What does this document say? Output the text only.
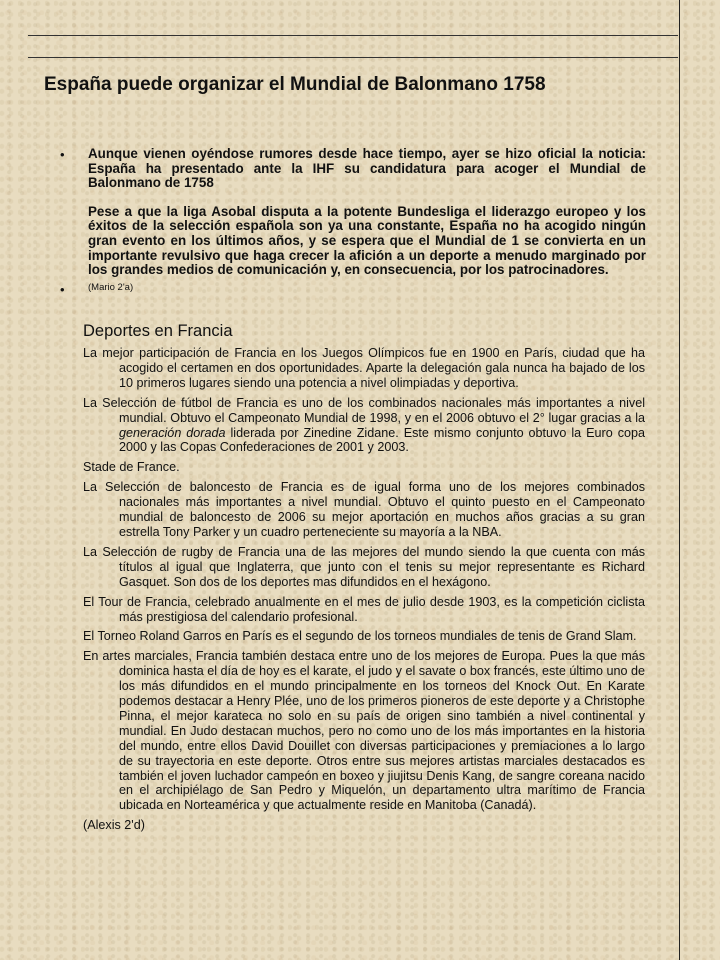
España puede organizar el Mundial de Balonmano 1758
• Aunque vienen oyéndose rumores desde hace tiempo, ayer se hizo oficial la noticia: España ha presentado ante la IHF su candidatura para acoger el Mundial de Balonmano de 1758

Pese a que la liga Asobal disputa a la potente Bundesliga el liderazgo europeo y los éxitos de la selección española son ya una constante, España no ha acogido ningún gran evento en los últimos años, y se espera que el Mundial de 1 se convierta en un importante revulsivo que haga crecer la afición a un deporte a menudo marginado por los grandes medios de comunicación y, en consecuencia, por los patrocinadores.

• (Mario 2'a)
Deportes en Francia

La mejor participación de Francia en los Juegos Olímpicos fue en 1900 en París, ciudad que ha acogido el certamen en dos oportunidades. Aparte la delegación gala nunca ha bajado de los 10 primeros lugares siendo una potencia a nivel olimpiadas y deportiva.

La Selección de fútbol de Francia es uno de los combinados nacionales más importantes a nivel mundial. Obtuvo el Campeonato Mundial de 1998, y en el 2006 obtuvo el 2° lugar gracias a la generación dorada liderada por Zinedine Zidane. Este mismo conjunto obtuvo la Euro copa 2000 y las Copas Confederaciones de 2001 y 2003.

Stade de France.

La Selección de baloncesto de Francia es de igual forma uno de los mejores combinados nacionales más importantes a nivel mundial. Obtuvo el quinto puesto en el Campeonato mundial de baloncesto de 2006 su mejor aportación en muchos años gracias a su gran estrella Tony Parker y un cuadro perteneciente su mayoría a la NBA.

La Selección de rugby de Francia una de las mejores del mundo siendo la que cuenta con más títulos al igual que Inglaterra, que junto con el tenis su mejor representante es Richard Gasquet. Son dos de los deportes mas difundidos en el hexágono.

El Tour de Francia, celebrado anualmente en el mes de julio desde 1903, es la competición ciclista más prestigiosa del calendario profesional.

El Torneo Roland Garros en París es el segundo de los torneos mundiales de tenis de Grand Slam.

En artes marciales, Francia también destaca entre uno de los mejores de Europa. Pues la que más dominica hasta el día de hoy es el karate, el judo y el savate o box francés, este último uno de los más difundidos en el mundo principalmente en los torneos del Knock Out. En Karate podemos destacar a Henry Plée, uno de los primeros pioneros de este deporte y a Christophe Pinna, el mejor karateca no solo en su país de origen sino también a nivel continental y mundial. En Judo destacan muchos, pero no como uno de los más importantes en la historia del mundo, entre ellos David Douillet con diversas participaciones y premiaciones a lo largo de su trayectoria en este deporte. Otros entre sus mejores artistas marciales destacados es también el joven luchador campeón en boxeo y jiujitsu Denis Kang, de sangre coreana nacido en el archipiélago de San Pedro y Miquelón, un departamento ultra marítimo de Francia ubicada en Norteamérica y que actualmente reside en Manitoba (Canadá).

(Alexis 2'd)
